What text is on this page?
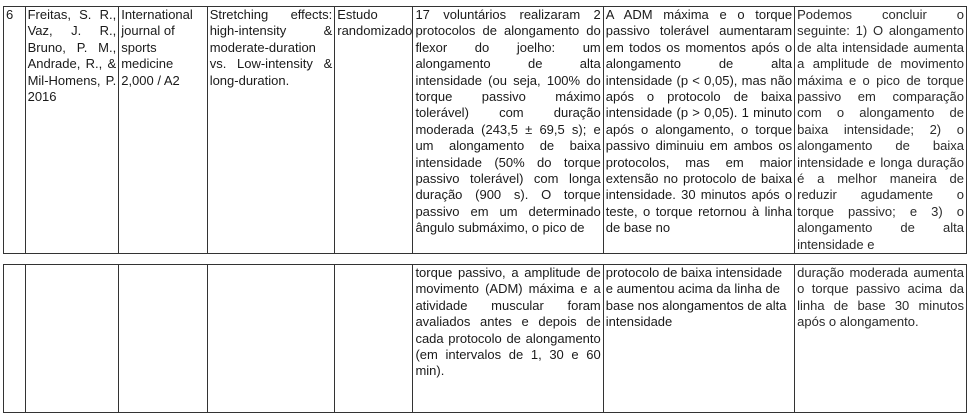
6	Freitas, S. R., Vaz, J. R., Bruno, P. M., Andrade, R., & Mil-Homens, P. 2016	International journal of sports medicine 2,000 / A2	Stretching effects: high-intensity & moderate-duration vs. Low-intensity & long-duration.	Estudo randomizado	17 voluntários realizaram 2 protocolos de alongamento do flexor do joelho: um alongamento de alta intensidade (ou seja, 100% do torque passivo máximo tolerável) com duração moderada (243,5 ± 69,5 s); e um alongamento de baixa intensidade (50% do torque passivo tolerável) com longa duração (900 s). O torque passivo em um determinado ângulo submáximo, o pico de	A ADM máxima e o torque passivo tolerável aumentaram em todos os momentos após o alongamento de alta intensidade (p < 0,05), mas não após o protocolo de baixa intensidade (p > 0,05). 1 minuto após o alongamento, o torque passivo diminuiu em ambos os protocolos, mas em maior extensão no protocolo de baixa intensidade. 30 minutos após o teste, o torque retornou à linha de base no	Podemos concluir o seguinte: 1) O alongamento de alta intensidade aumenta a amplitude de movimento máxima e o pico de torque passivo em comparação com o alongamento de baixa intensidade; 2) o alongamento de baixa intensidade e longa duração é a melhor maneira de reduzir agudamente o torque passivo; e 3) o alongamento de alta intensidade e
					torque passivo, a amplitude de movimento (ADM) máxima e a atividade muscular foram avaliados antes e depois de cada protocolo de alongamento (em intervalos de 1, 30 e 60 min).	protocolo de baixa intensidade e aumentou acima da linha de base nos alongamentos de alta intensidade	duração moderada aumenta o torque passivo acima da linha de base 30 minutos após o alongamento.
